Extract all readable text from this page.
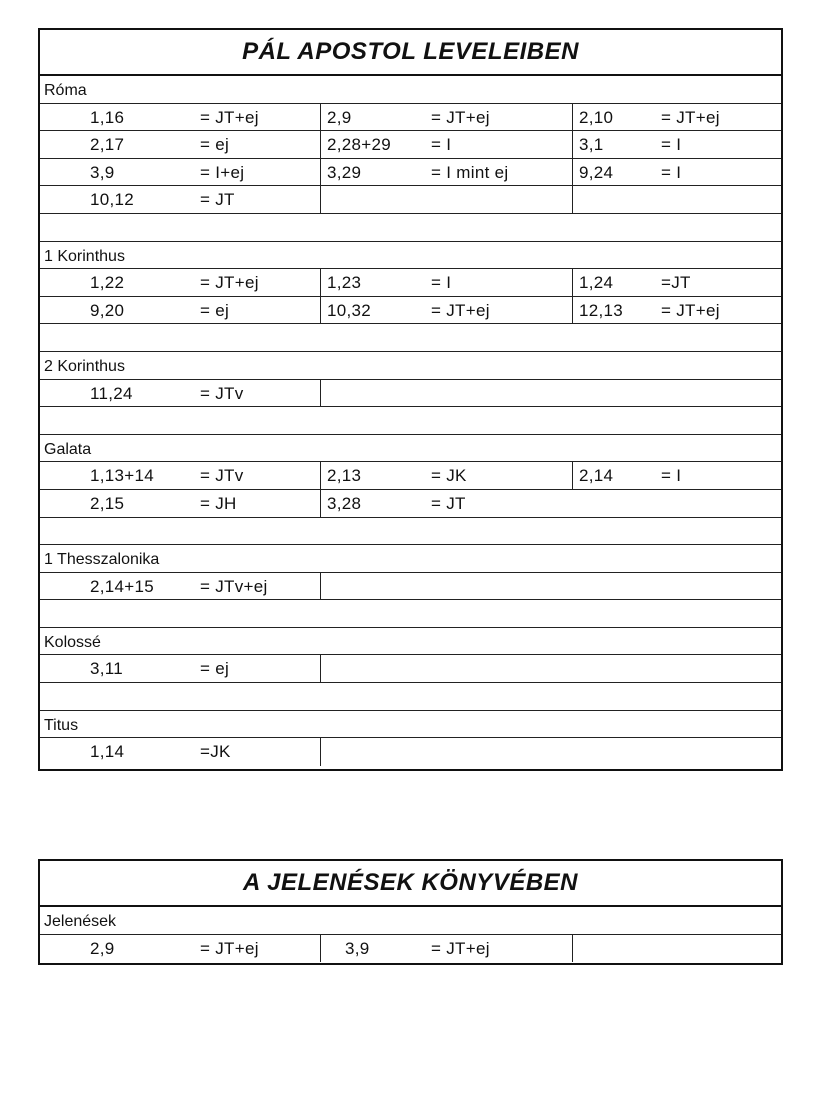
PÁL APOSTOL LEVELEIBEN
Róma
1,16	= JT+ej	2,9	= JT+ej	2,10	= JT+ej
2,17	= ej	2,28+29 = I	3,1	= I
3,9	= I+ej	3,29	= I mint ej	9,24	= I
10,12	= JT
1 Korinthus
1,22	= JT+ej	1,23	= I	1,24	=JT
9,20	= ej	10,32	= JT+ej	12,13 = JT+ej
2 Korinthus
11,24	= JTv
Galata
1,13+14	= JTv	2,13	= JK	2,14	= I
2,15	= JH	3,28	= JT
1 Thesszalonika
2,14+15	= JTv+ej
Kolossé
3,11	= ej
Titus
1,14	=JK
A JELENÉSEK KÖNYVÉBEN
Jelenések
2,9	= JT+ej	3,9	= JT+ej
